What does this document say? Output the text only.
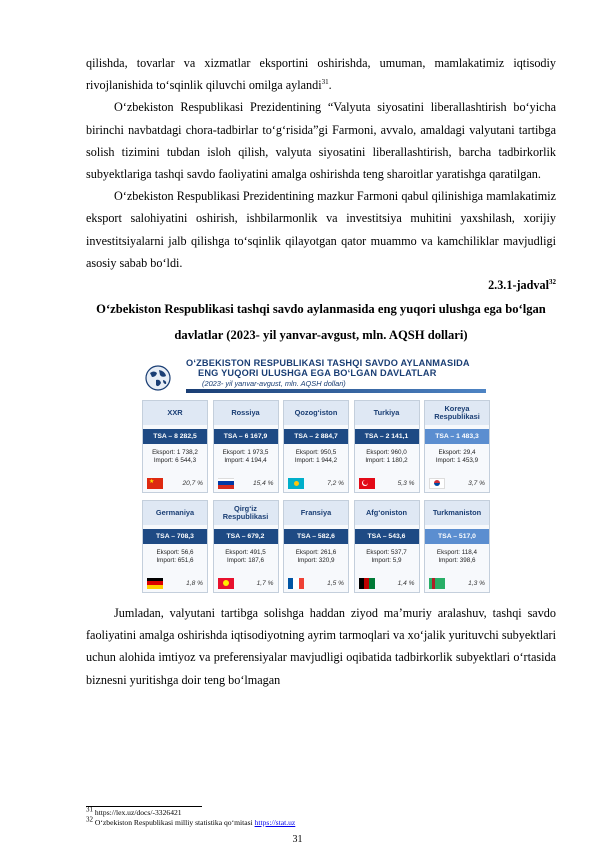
qilishda, tovarlar va xizmatlar eksportini oshirishda, umuman, mamlakatimiz iqtisodiy rivojlanishida to‘sqinlik qiluvchi omilga aylandi$^{31}$.

O‘zbekiston Respublikasi Prezidentining “Valyuta siyosatini liberallashtirish bo‘yicha birinchi navbatdagi chora-tadbirlar to‘g‘risida”gi Farmoni, avvalo, amaldagi valyutani tartibga solish tizimini tubdan isloh qilish, valyuta siyosatini liberallashtirish, barcha tadbirkorlik subyektlariga tashqi savdo faoliyatini amalga oshirishda teng sharoitlar yaratishga qaratilgan.

O‘zbekiston Respublikasi Prezidentining mazkur Farmoni qabul qilinishiga mamlakatimiz eksport salohiyatini oshirish, ishbilarmonlik va investitsiya muhitini yaxshilash, xorijiy investitsiyalarni jalb qilishga to‘sqinlik qilayotgan qator muammo va kamchiliklar mavjudligi asosiy sabab bo‘ldi.

2.3.1-jadval$^{32}$
O‘zbekiston Respublikasi tashqi savdo aylanmasida eng yuqori ulushga ega bo‘lgan davlatlar (2023- yil yanvar-avgust, mln. AQSH dollari)
O‘ZBEKISTON RESPUBLIKASI TASHQI SAVDO AYLANMASIDA
ENG YUQORI ULUSHGA EGA BO‘LGAN DAVLATLAR
(2023- yil yanvar-avgust, mln. AQSH dollari)
XXR
TSA – 8 282,5
Eksport: 1 738,2
Import: 6 544,3
★	20,7 %
Rossiya
TSA – 6 167,9
Eksport: 1 973,5
Import: 4 194,4
15,4 %
Qozog‘iston
TSA – 2 884,7
Eksport: 950,5
Import: 1 944,2
7,2 %
Turkiya
TSA – 2 141,1
Eksport: 960,0
Import: 1 180,2
5,3 %
Koreya Respublikasi
TSA – 1 483,3
Eksport: 29,4
Import: 1 453,9
3,7 %
Germaniya
TSA – 708,3
Eksport: 56,6
Import: 651,6
1,8 %
Qirg‘iz Respublikasi
TSA – 679,2
Eksport: 491,5
Import: 187,6
1,7 %
Fransiya
TSA – 582,6
Eksport: 261,6
Import: 320,9
1,5 %
Afg‘oniston
TSA – 543,6
Eksport: 537,7
Import: 5,9
1,4 %
Turkmaniston
TSA – 517,0
Eksport: 118,4
Import: 398,6
1,3 %

Jumladan, valyutani tartibga solishga haddan ziyod ma’muriy aralashuv, tashqi savdo faoliyatini amalga oshirishda iqtisodiyotning ayrim tarmoqlari va xo‘jalik yurituvchi subyektlari uchun alohida imtiyoz va preferensiyalar mavjudligi oqibatida tadbirkorlik subyektlari o‘rtasida biznesni yuritishga doir teng bo‘lmagan

$^{31}$ https://lex.uz/docs/-3326421
$^{32}$ O‘zbekiston Respublikasi milliy statistika qo‘mitasi https://stat.uz
31
